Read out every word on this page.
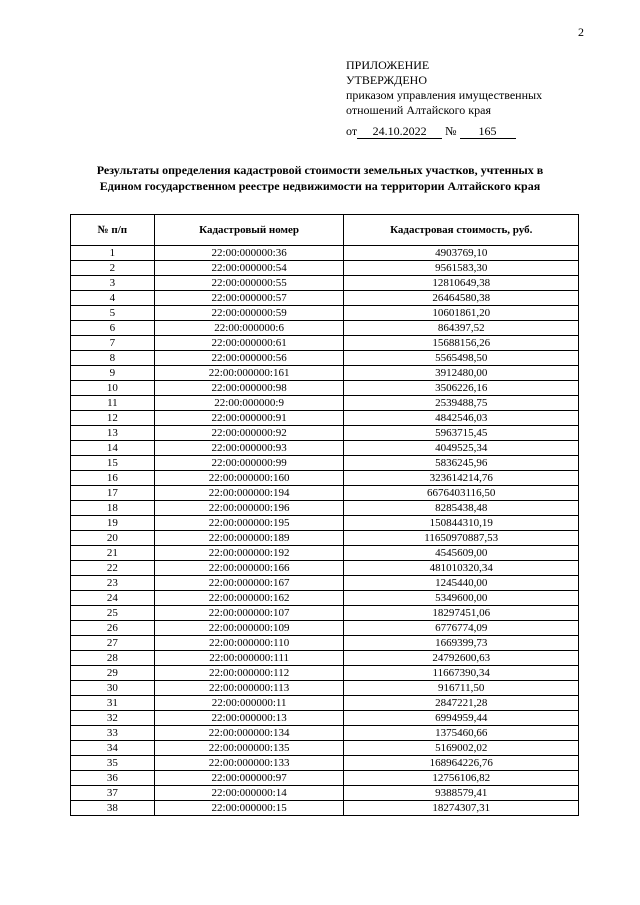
2
ПРИЛОЖЕНИЕ
УТВЕРЖДЕНО
приказом управления имущественных
отношений Алтайского края
от 24.10.2022 № 165
Результаты определения кадастровой стоимости земельных участков, учтенных в
Едином государственном реестре недвижимости на территории Алтайского края
№ п/п	Кадастровый номер	Кадастровая стоимость, руб.
1	22:00:000000:36	4903769,10
2	22:00:000000:54	9561583,30
3	22:00:000000:55	12810649,38
4	22:00:000000:57	26464580,38
5	22:00:000000:59	10601861,20
6	22:00:000000:6	864397,52
7	22:00:000000:61	15688156,26
8	22:00:000000:56	5565498,50
9	22:00:000000:161	3912480,00
10	22:00:000000:98	3506226,16
11	22:00:000000:9	2539488,75
12	22:00:000000:91	4842546,03
13	22:00:000000:92	5963715,45
14	22:00:000000:93	4049525,34
15	22:00:000000:99	5836245,96
16	22:00:000000:160	323614214,76
17	22:00:000000:194	6676403116,50
18	22:00:000000:196	8285438,48
19	22:00:000000:195	150844310,19
20	22:00:000000:189	11650970887,53
21	22:00:000000:192	4545609,00
22	22:00:000000:166	481010320,34
23	22:00:000000:167	1245440,00
24	22:00:000000:162	5349600,00
25	22:00:000000:107	18297451,06
26	22:00:000000:109	6776774,09
27	22:00:000000:110	1669399,73
28	22:00:000000:111	24792600,63
29	22:00:000000:112	11667390,34
30	22:00:000000:113	916711,50
31	22:00:000000:11	2847221,28
32	22:00:000000:13	6994959,44
33	22:00:000000:134	1375460,66
34	22:00:000000:135	5169002,02
35	22:00:000000:133	168964226,76
36	22:00:000000:97	12756106,82
37	22:00:000000:14	9388579,41
38	22:00:000000:15	18274307,31
